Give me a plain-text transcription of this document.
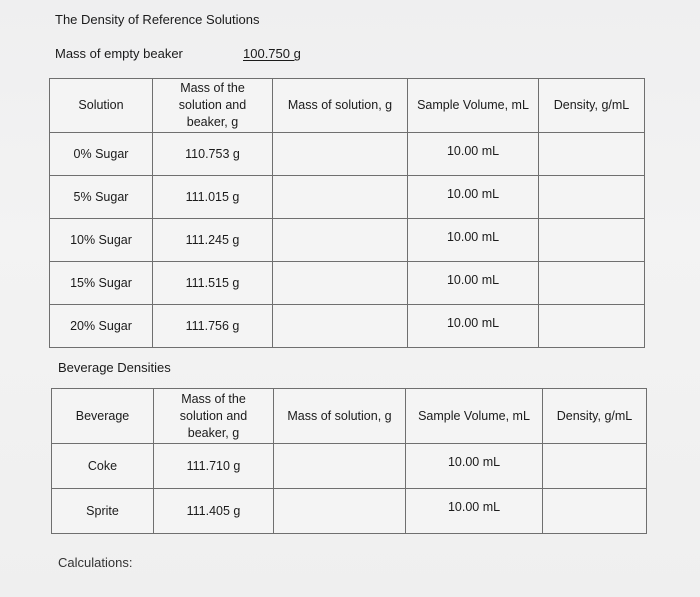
The Density of Reference Solutions
Mass of empty beaker	100.750 g
Solution	Mass of the solution and beaker, g	Mass of solution, g	Sample Volume, mL	Density, g/mL
0% Sugar	110.753 g		10.00 mL	
5% Sugar	111.015 g		10.00 mL	
10% Sugar	111.245 g		10.00 mL	
15% Sugar	111.515 g		10.00 mL	
20% Sugar	111.756 g		10.00 mL	
Beverage Densities
Beverage	Mass of the solution and beaker, g	Mass of solution, g	Sample Volume, mL	Density, g/mL
Coke	111.710 g		10.00 mL	
Sprite	111.405 g		10.00 mL	
Calculations:
